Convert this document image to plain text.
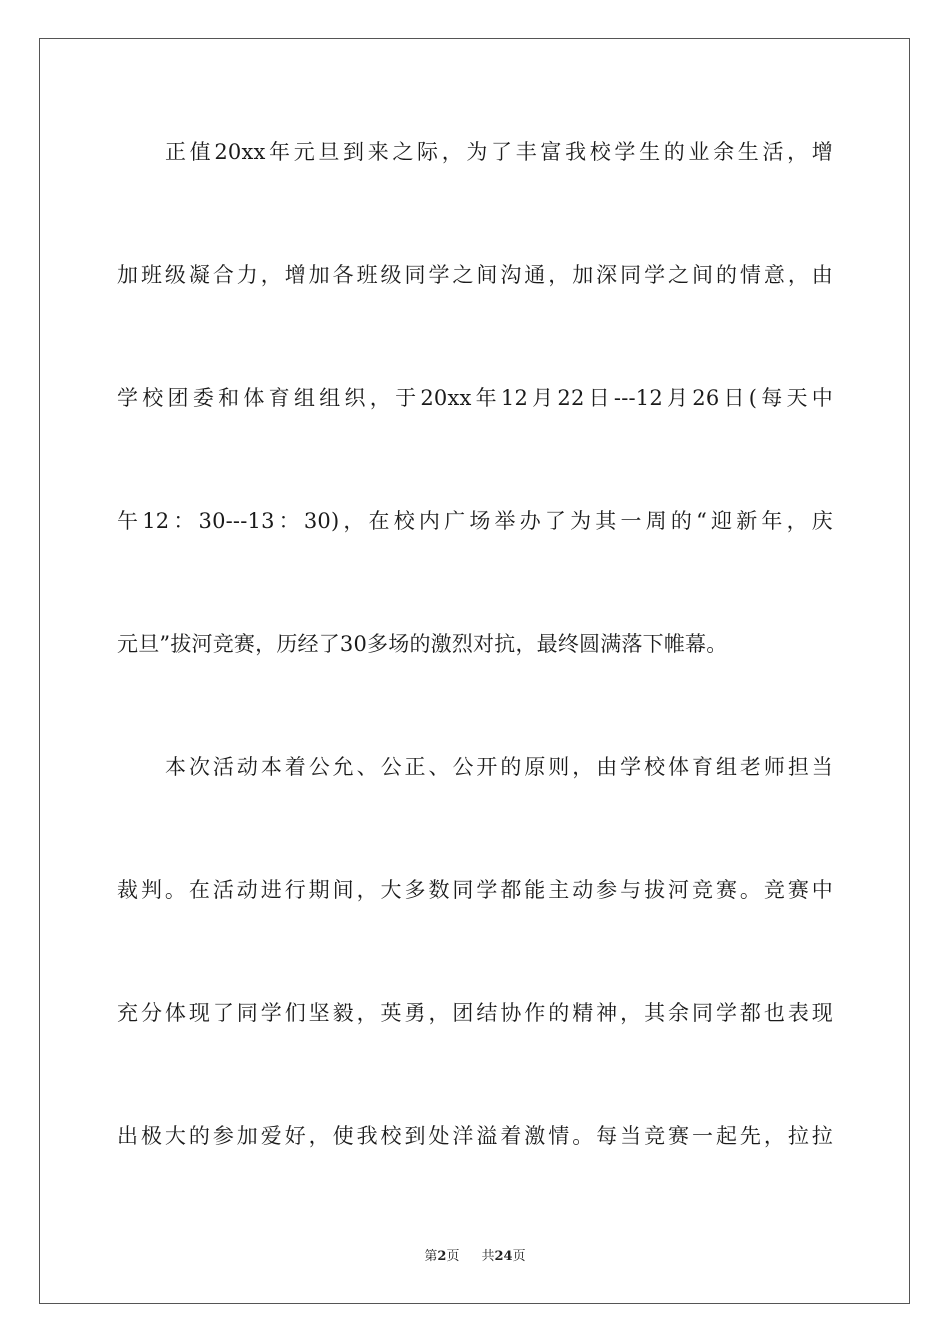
正值20xx年元旦到来之际，为了丰富我校学生的业余生活，增
加班级凝合力，增加各班级同学之间沟通，加深同学之间的情意，由
学校团委和体育组组织，于20xx年12月22日---12月26日(每天中
午12：30---13：30)，在校内广场举办了为其一周的“迎新年，庆
元旦”拔河竞赛，历经了30多场的激烈对抗，最终圆满落下帷幕。
本次活动本着公允、公正、公开的原则，由学校体育组老师担当
裁判。在活动进行期间，大多数同学都能主动参与拔河竞赛。竞赛中
充分体现了同学们坚毅，英勇，团结协作的精神，其余同学都也表现
出极大的参加爱好，使我校到处洋溢着激情。每当竞赛一起先，拉拉
第2页 共24页
